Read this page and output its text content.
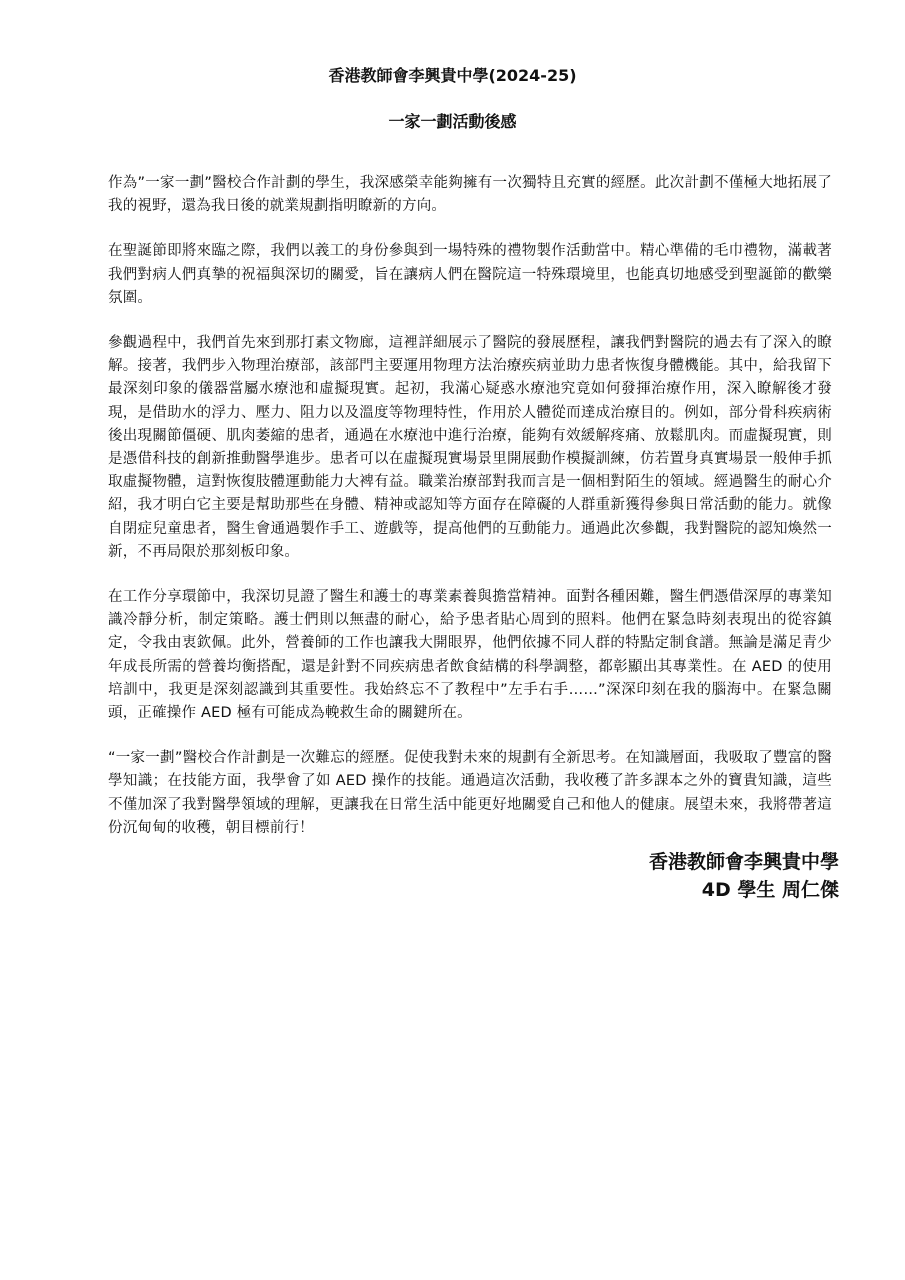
香港教師會李興貴中學(2024-25)
一家一劃活動後感

作為”一家一劃”醫校合作計劃的學生，我深感榮幸能夠擁有一次獨特且充實的經歷。此次計劃不僅極大地拓展了我的視野，還為我日後的就業規劃指明瞭新的方向。

在聖誕節即將來臨之際，我們以義工的身份參與到一場特殊的禮物製作活動當中。精心準備的毛巾禮物，滿載著我們對病人們真摯的祝福與深切的關愛，旨在讓病人們在醫院這一特殊環境里，也能真切地感受到聖誕節的歡樂氛圍。

參觀過程中，我們首先來到那打素文物廊，這裡詳細展示了醫院的發展歷程，讓我們對醫院的過去有了深入的瞭解。接著，我們步入物理治療部，該部門主要運用物理方法治療疾病並助力患者恢復身體機能。其中，給我留下最深刻印象的儀器當屬水療池和虛擬現實。起初，我滿心疑惑水療池究竟如何發揮治療作用，深入瞭解後才發現，是借助水的浮力、壓力、阻力以及溫度等物理特性，作用於人體從而達成治療目的。例如，部分骨科疾病術後出現關節僵硬、肌肉萎縮的患者，通過在水療池中進行治療，能夠有效緩解疼痛、放鬆肌肉。而虛擬現實，則是憑借科技的創新推動醫學進步。患者可以在虛擬現實場景里開展動作模擬訓練，仿若置身真實場景一般伸手抓取虛擬物體，這對恢復肢體運動能力大裨有益。職業治療部對我而言是一個相對陌生的領域。經過醫生的耐心介紹，我才明白它主要是幫助那些在身體、精神或認知等方面存在障礙的人群重新獲得參與日常活動的能力。就像自閉症兒童患者，醫生會通過製作手工、遊戲等，提高他們的互動能力。通過此次參觀，我對醫院的認知煥然一新，不再局限於那刻板印象。

在工作分享環節中，我深切見證了醫生和護士的專業素養與擔當精神。面對各種困難，醫生們憑借深厚的專業知識冷靜分析，制定策略。護士們則以無盡的耐心，給予患者貼心周到的照料。他們在緊急時刻表現出的從容鎮定，令我由衷欽佩。此外，營養師的工作也讓我大開眼界，他們依據不同人群的特點定制食譜。無論是滿足青少年成長所需的營養均衡搭配，還是針對不同疾病患者飲食結構的科學調整，都彰顯出其專業性。在 AED 的使用培訓中，我更是深刻認識到其重要性。我始終忘不了教程中”左手右手……”深深印刻在我的腦海中。在緊急關頭，正確操作 AED 極有可能成為輓救生命的關鍵所在。

“一家一劃”醫校合作計劃是一次難忘的經歷。促使我對未來的規劃有全新思考。在知識層面，我吸取了豐富的醫學知識；在技能方面，我學會了如 AED 操作的技能。通過這次活動，我收穫了許多課本之外的寶貴知識，這些不僅加深了我對醫學領域的理解，更讓我在日常生活中能更好地關愛自己和他人的健康。展望未來，我將帶著這份沉甸甸的收穫，朝目標前行！

香港教師會李興貴中學

4D 學生 周仁傑
